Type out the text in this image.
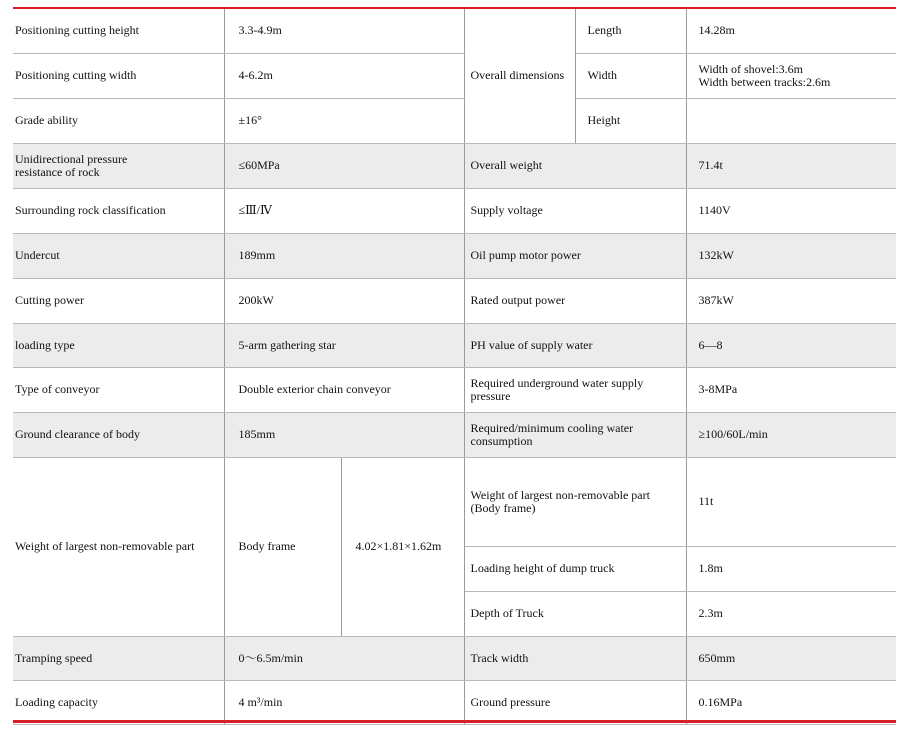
Positioning cutting height	3.3-4.9m		Overall dimensions	Length	14.28m
Positioning cutting width	4-6.2m			Width	Width of shovel:3.6m
Width between tracks:2.6m
Grade ability	±16°			Height	
Unidirectional pressure
resistance of rock	≤60MPa		Overall weight		71.4t
Surrounding rock classification	≤Ⅲ/Ⅳ		Supply voltage		1140V
Undercut	189mm		Oil pump motor power		132kW
Cutting power	200kW		Rated output power		387kW
loading type	5-arm gathering star		PH value of supply water		6—8
Type of conveyor	Double exterior chain conveyor		Required underground water supply
pressure		3-8MPa
Ground clearance of body	185mm		Required/minimum cooling water
consumption		≥100/60L/min
Weight of largest non-removable part	Body frame	4.02×1.81×1.62m	Weight of largest non-removable part
(Body frame)		11t
			Loading height of dump truck		1.8m
			Depth of Truck		2.3m
Tramping speed	0～6.5m/min		Track width		650mm
Loading capacity	4 m³/min		Ground pressure		0.16MPa
